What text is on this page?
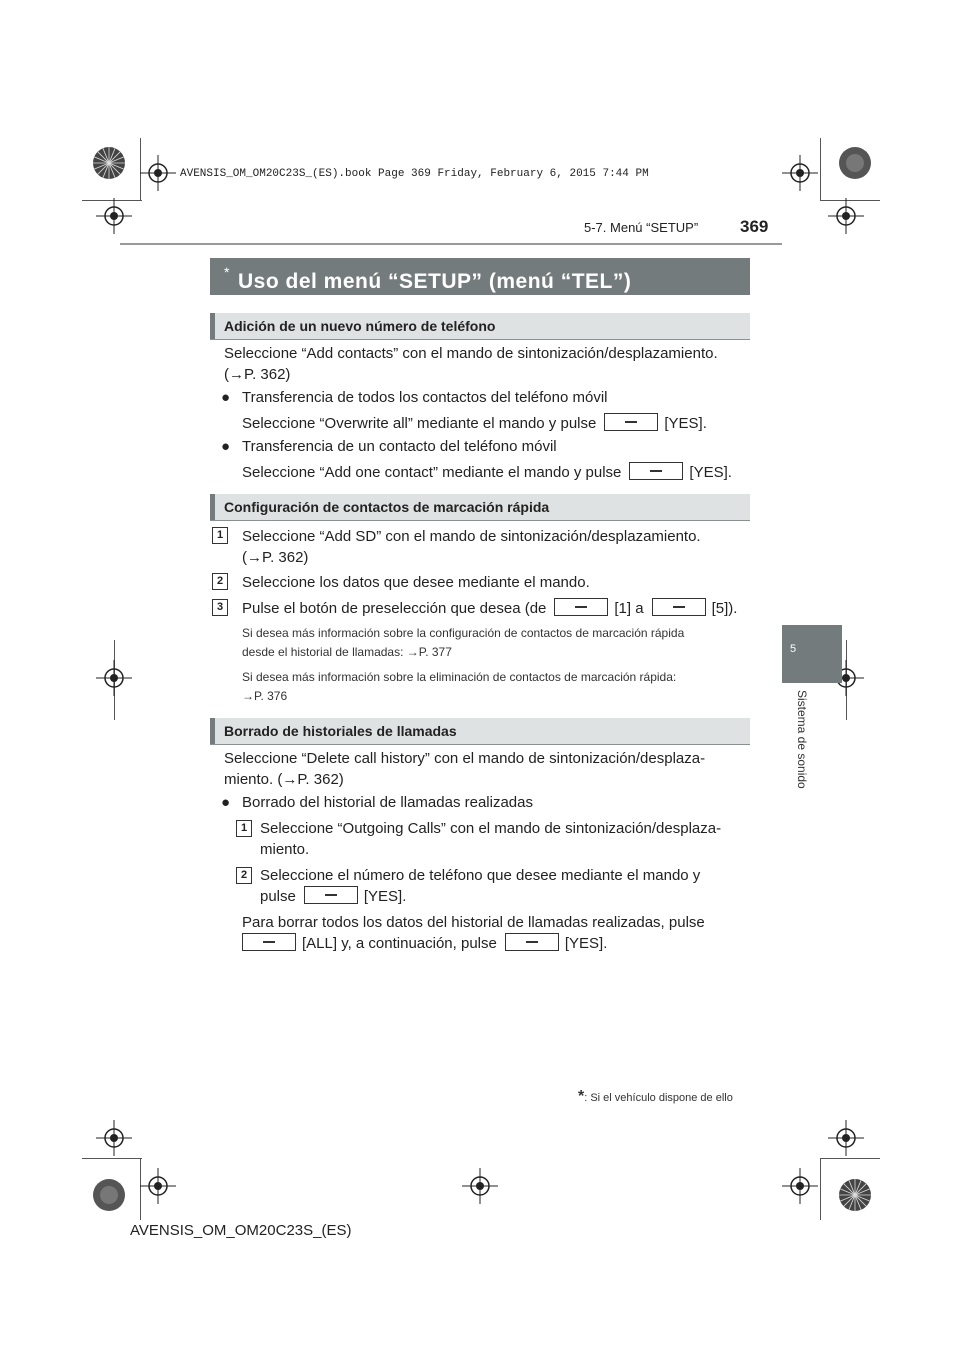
AVENSIS_OM_OM20C23S_(ES).book Page 369 Friday, February 6, 2015 7:44 PM
5-7. Menú “SETUP” 369
5
Sistema de sonido
Uso del menú “SETUP” (menú “TEL”)
*
Adición de un nuevo número de teléfono
Seleccione “Add contacts” con el mando de sintonización/desplazamiento.
(→P. 362)
● Transferencia de todos los contactos del teléfono móvil
Seleccione “Overwrite all” mediante el mando y pulse	[YES].
● Transferencia de un contacto del teléfono móvil
Seleccione “Add one contact” mediante el mando y pulse	[YES].
Configuración de contactos de marcación rápida
1	Seleccione “Add SD” con el mando de sintonización/desplazamiento.
(→P. 362)
2	Seleccione los datos que desee mediante el mando.
3	Pulse el botón de preselección que desea (de	[1] a	[5]).
Si desea más información sobre la configuración de contactos de marcación rápida
desde el historial de llamadas: →P. 377
Si desea más información sobre la eliminación de contactos de marcación rápida:
→P. 376
Borrado de historiales de llamadas
Seleccione “Delete call history” con el mando de sintonización/desplaza-
miento. (→P. 362)
● Borrado del historial de llamadas realizadas
1 Seleccione “Outgoing Calls” con el mando de sintonización/desplaza-
miento.
2 Seleccione el número de teléfono que desee mediante el mando y
pulse	[YES].
Para borrar todos los datos del historial de llamadas realizadas, pulse
[ALL] y, a continuación, pulse	[YES].
*: Si el vehículo dispone de ello
AVENSIS_OM_OM20C23S_(ES)
